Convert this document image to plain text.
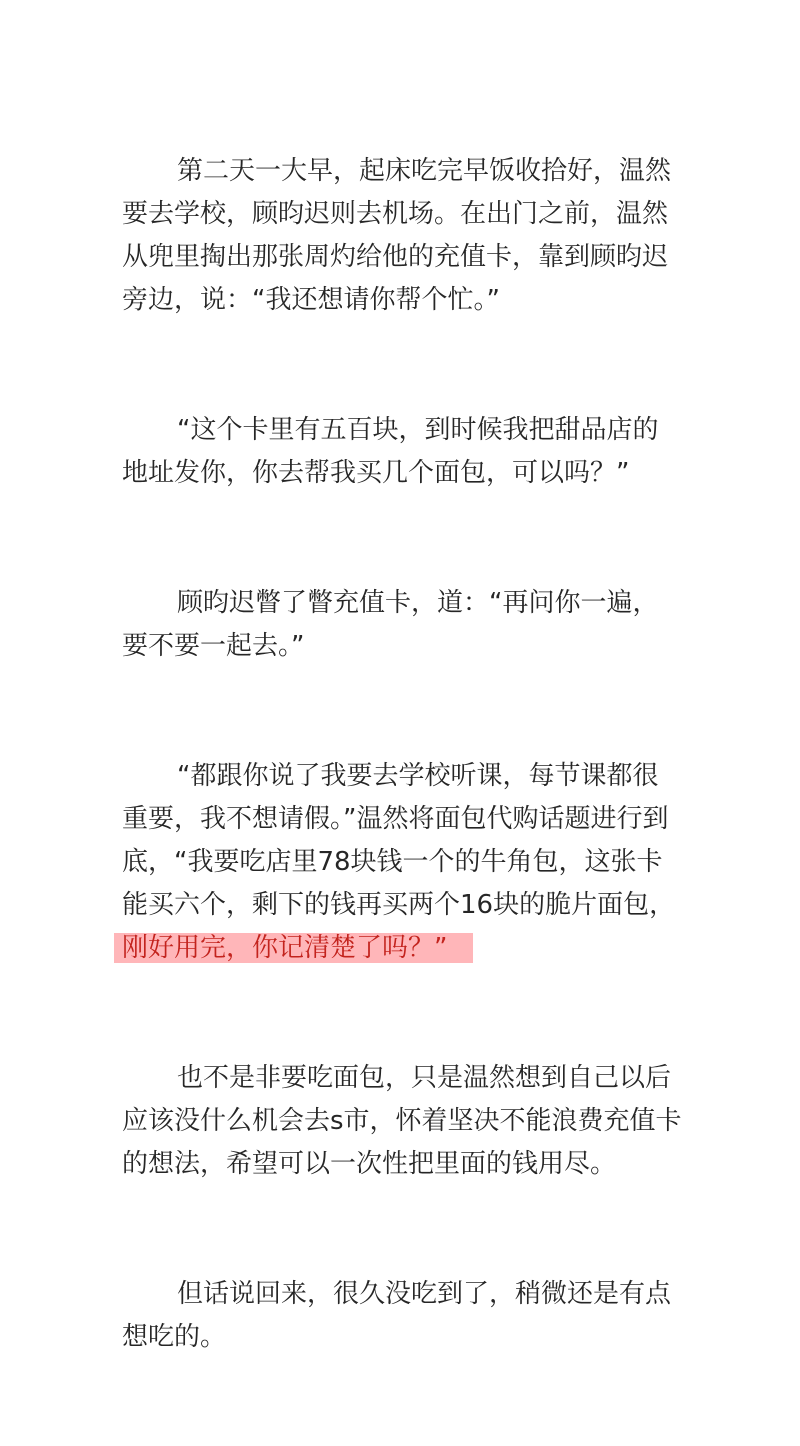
第二天一大早，起床吃完早饭收拾好，温然
要去学校，顾昀迟则去机场。在出门之前，温然
从兜里掏出那张周灼给他的充值卡，靠到顾昀迟
旁边，说：“我还想请你帮个忙。”

“这个卡里有五百块，到时候我把甜品店的
地址发你，你去帮我买几个面包，可以吗？”

顾昀迟瞥了瞥充值卡，道：“再问你一遍，
要不要一起去。”

“都跟你说了我要去学校听课，每节课都很
重要，我不想请假。”温然将面包代购话题进行到
底，“我要吃店里78块钱一个的牛角包，这张卡
能买六个，剩下的钱再买两个16块的脆片面包，
刚好用完，你记清楚了吗？”

也不是非要吃面包，只是温然想到自己以后
应该没什么机会去s市，怀着坚决不能浪费充值卡
的想法，希望可以一次性把里面的钱用尽。

但话说回来，很久没吃到了，稍微还是有点
想吃的。
